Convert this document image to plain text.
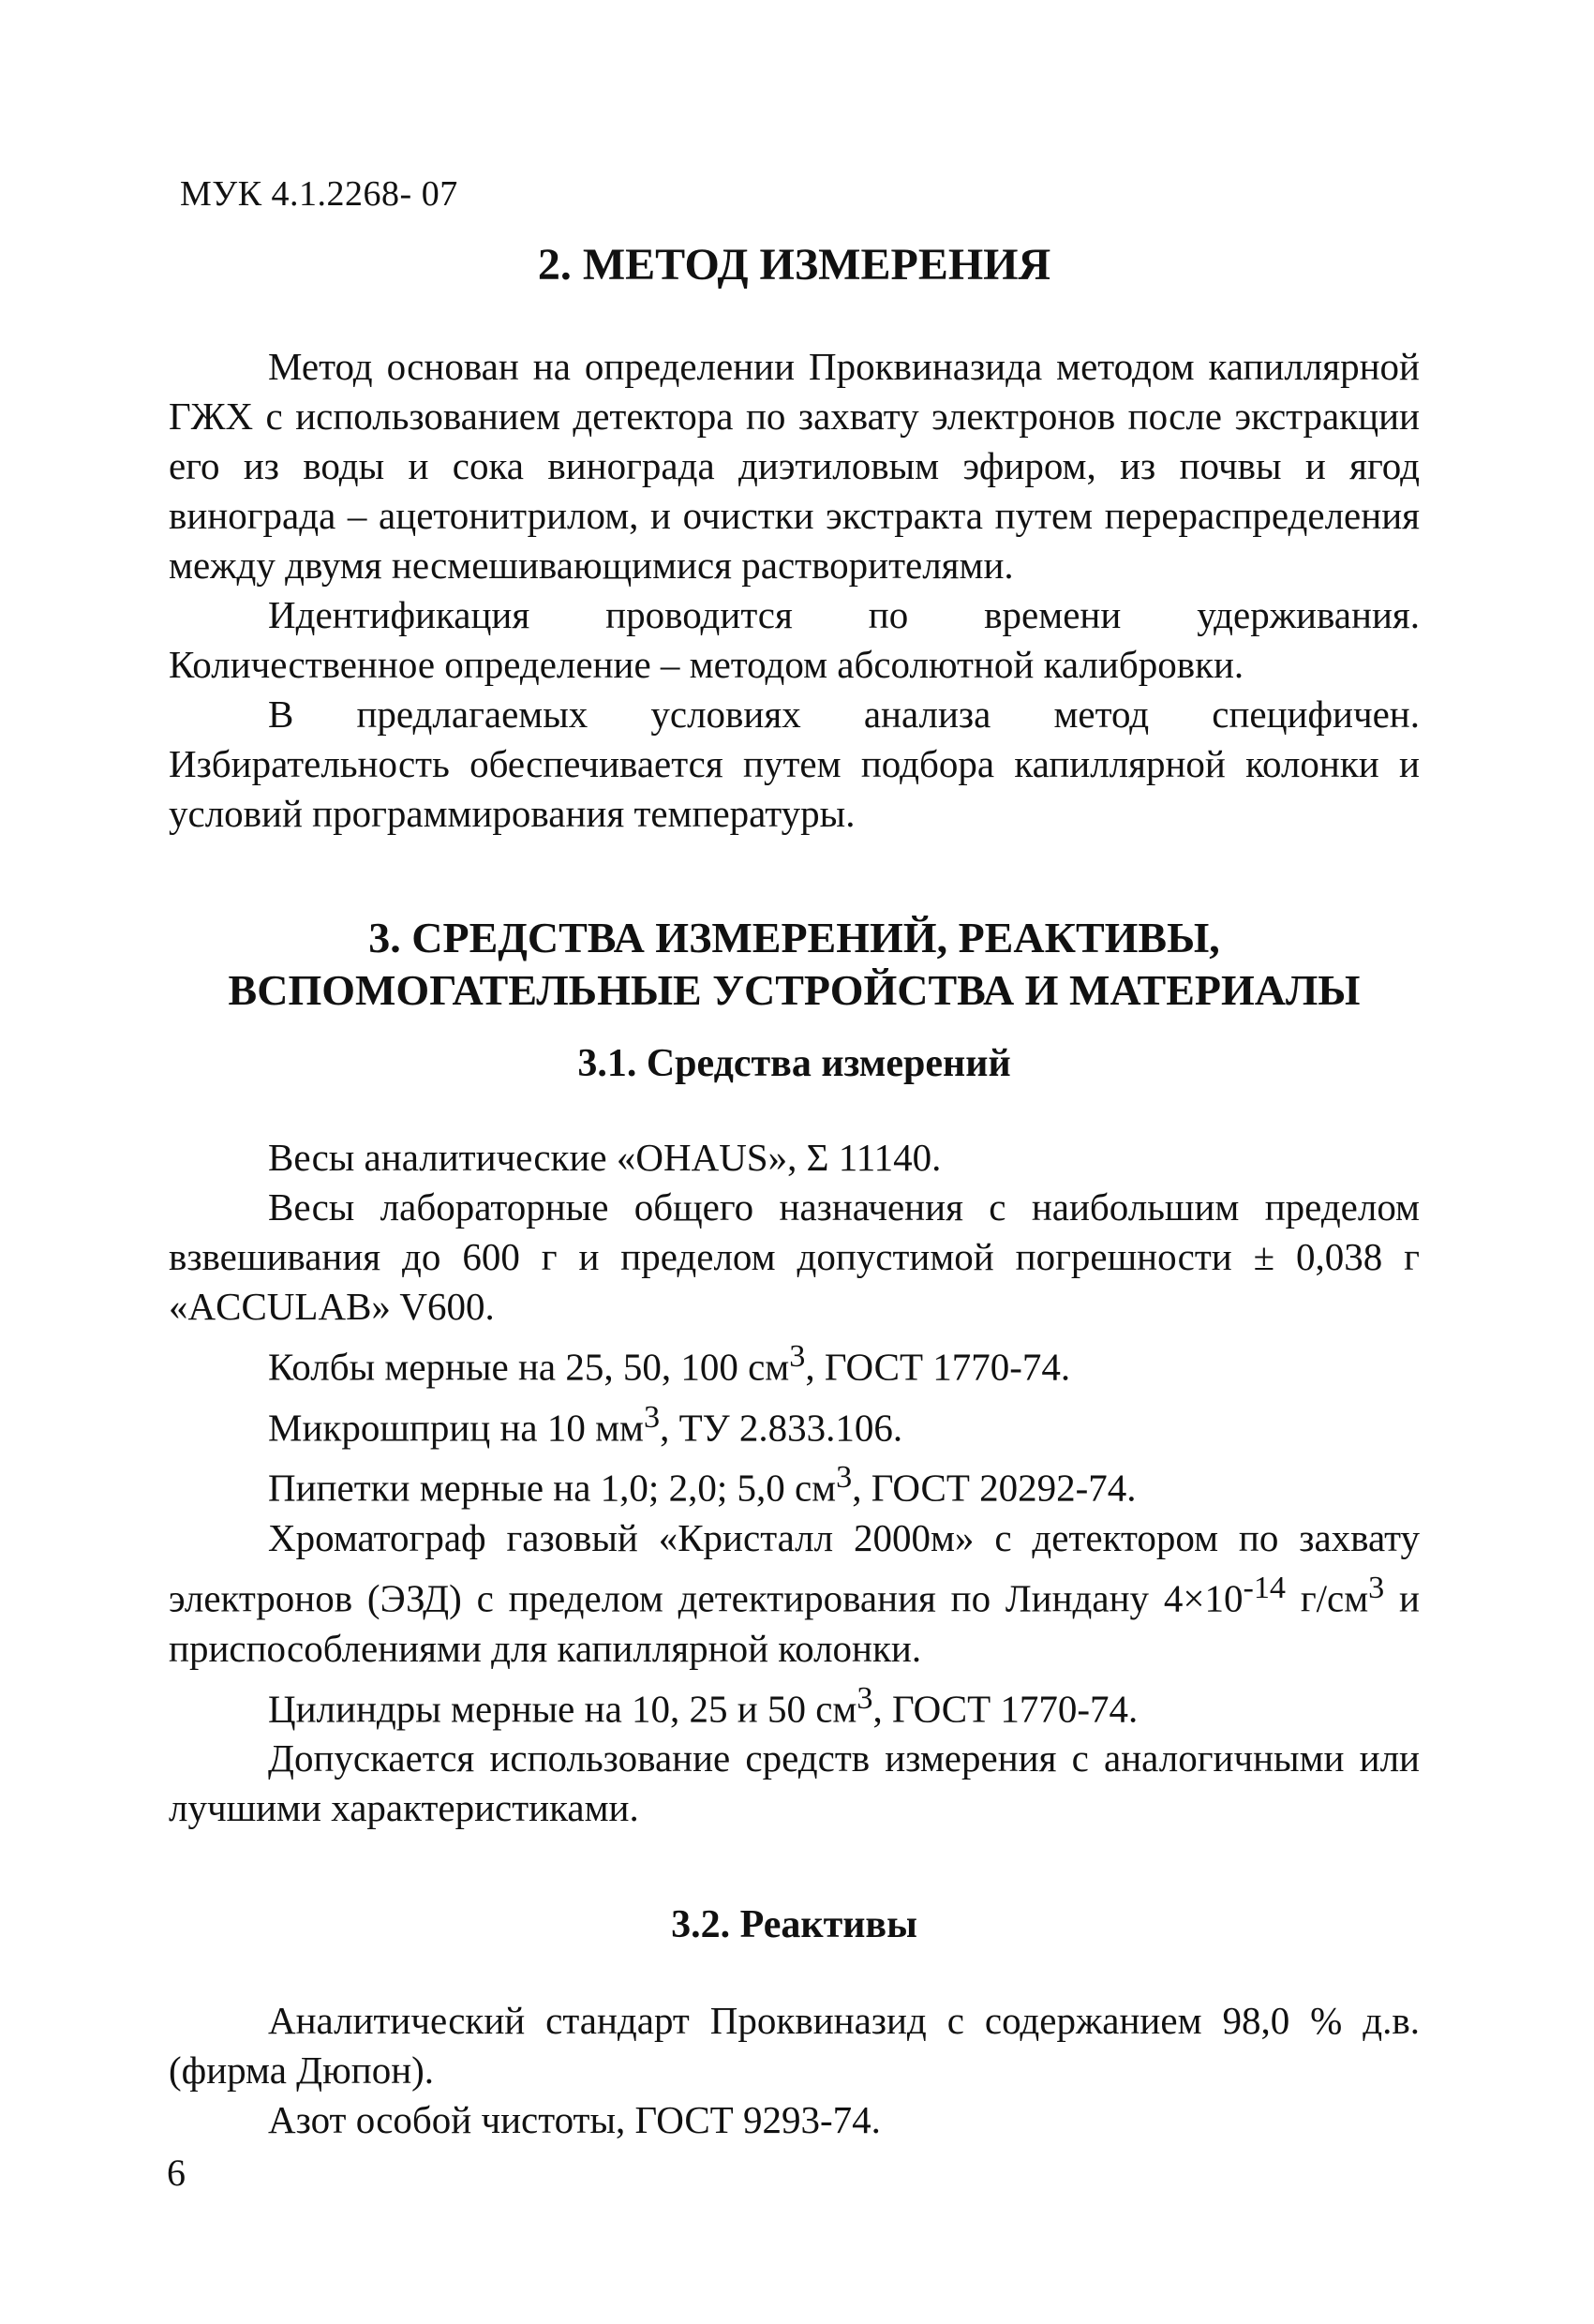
МУК 4.1.2268- 07
2. МЕТОД ИЗМЕРЕНИЯ

Метод основан на определении Проквиназида методом капиллярной ГЖХ с использованием детектора по захвату электронов после экстракции его из воды и сока винограда диэтиловым эфиром, из почвы и ягод винограда – ацетонитрилом, и очистки экстракта путем перераспределения между двумя несмешивающимися растворителями.

Идентификация проводится по времени удерживания. Количественное определение – методом абсолютной калибровки.

В предлагаемых условиях анализа метод специфичен. Избирательность обеспечивается путем подбора капиллярной колонки и условий программирования температуры.

3. СРЕДСТВА ИЗМЕРЕНИЙ, РЕАКТИВЫ,
ВСПОМОГАТЕЛЬНЫЕ УСТРОЙСТВА И МАТЕРИАЛЫ
3.1. Средства измерений

Весы аналитические «OHAUS», Σ 11140.

Весы лабораторные общего назначения с наибольшим пределом взвешивания до 600 г и пределом допустимой погрешности ± 0,038 г «ACCULAB» V600.

Колбы мерные на 25, 50, 100 $см^3$, ГОСТ 1770-74.

Микрошприц на 10 $мм^3$, ТУ 2.833.106.

Пипетки мерные на 1,0; 2,0; 5,0 $см^3$, ГОСТ 20292-74.

Хроматограф газовый «Кристалл 2000м» с детектором по захвату электронов (ЭЗД) с пределом детектирования по Линдану $4\times 10^{-14}$ $г/см^3$ и приспособлениями для капиллярной колонки.

Цилиндры мерные на 10, 25 и 50 $см^3$, ГОСТ 1770-74.

Допускается использование средств измерения с аналогичными или лучшими характеристиками.

3.2. Реактивы

Аналитический стандарт Проквиназид с содержанием 98,0 % д.в. (фирма Дюпон).

Азот особой чистоты, ГОСТ 9293-74.

6
